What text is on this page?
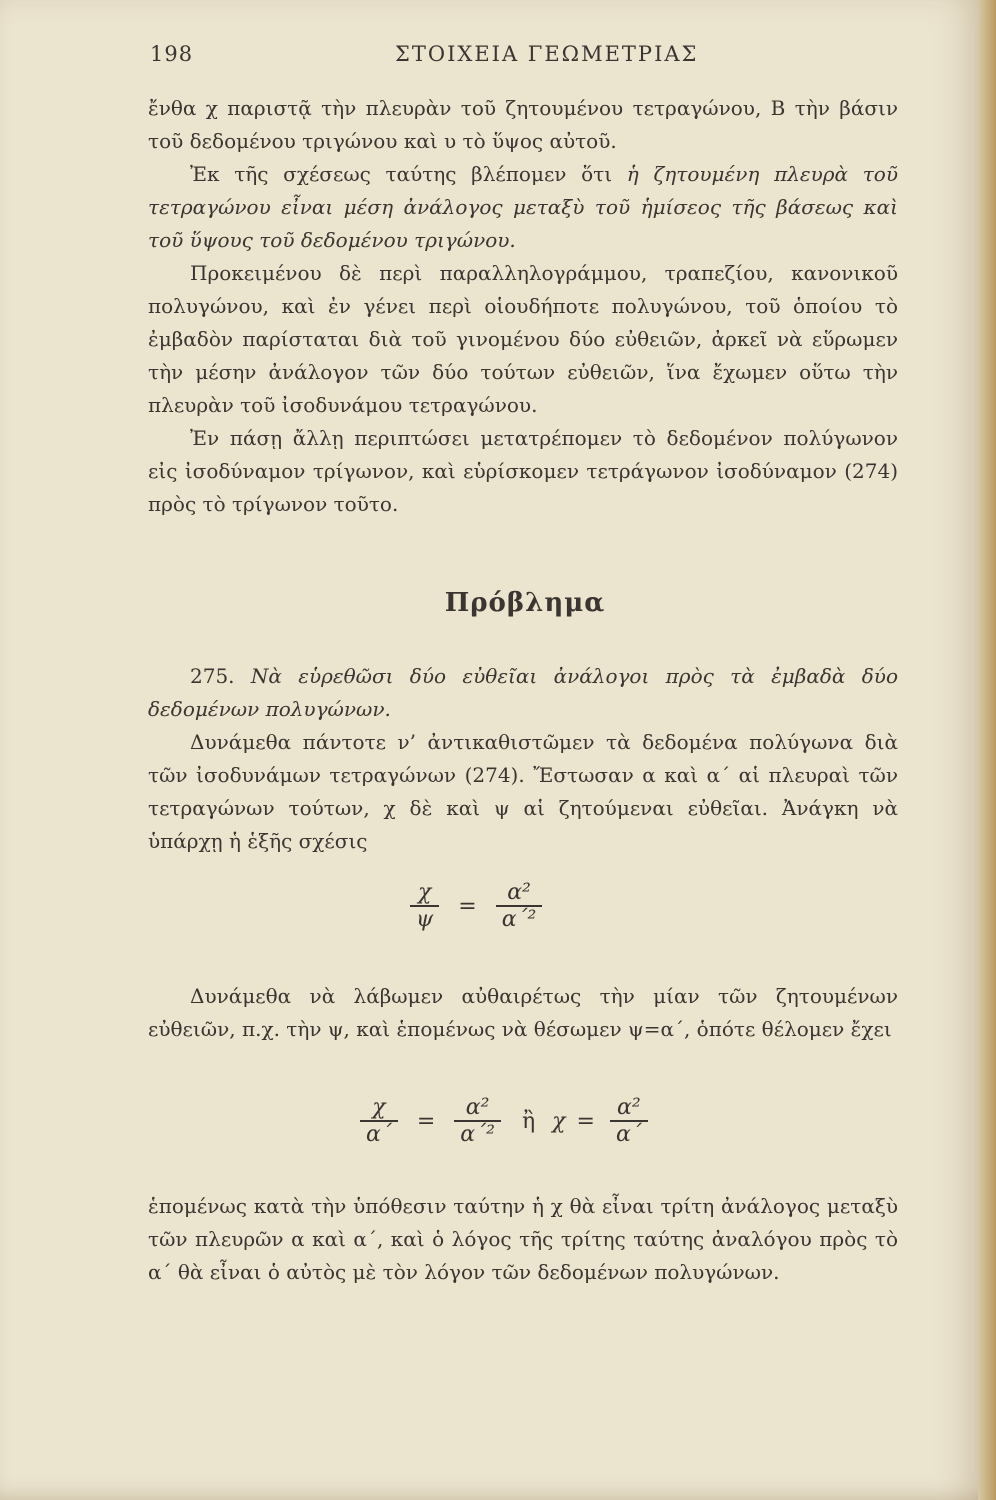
198	ΣΤΟΙΧΕΙΑ ΓΕΩΜΕΤΡΙΑΣ

ἔνθα χ παριστᾷ τὴν πλευρὰν τοῦ ζητουμένου τετραγώνου, Β τὴν βάσιν τοῦ δεδομένου τριγώνου καὶ υ τὸ ὕψος αὐτοῦ.

Ἐκ τῆς σχέσεως ταύτης βλέπομεν ὅτι ἡ ζητουμένη πλευρὰ τοῦ τετραγώνου εἶναι μέση ἀνάλογος μεταξὺ τοῦ ἡμίσεος τῆς βάσεως καὶ τοῦ ὕψους τοῦ δεδομένου τριγώνου.

Προκειμένου δὲ περὶ παραλληλογράμμου, τραπεζίου, κανονικοῦ πολυγώνου, καὶ ἐν γένει περὶ οἱουδήποτε πολυγώνου, τοῦ ὁποίου τὸ ἐμβαδὸν παρίσταται διὰ τοῦ γινομένου δύο εὐθειῶν, ἀρκεῖ νὰ εὕρωμεν τὴν μέσην ἀνάλογον τῶν δύο τούτων εὐθειῶν, ἵνα ἔχωμεν οὕτω τὴν πλευρὰν τοῦ ἰσοδυνάμου τετραγώνου.

Ἐν πάσῃ ἄλλῃ περιπτώσει μετατρέπομεν τὸ δεδομένον πολύγωνον εἰς ἰσοδύναμον τρίγωνον, καὶ εὑρίσκομεν τετράγωνον ἰσοδύναμον (274) πρὸς τὸ τρίγωνον τοῦτο.

Πρόβλημα

275. Νὰ εὑρεθῶσι δύο εὐθεῖαι ἀνάλογοι πρὸς τὰ ἐμβαδὰ δύο δεδομένων πολυγώνων.

Δυνάμεθα πάντοτε ν’ ἀντικαθιστῶμεν τὰ δεδομένα πολύγωνα διὰ τῶν ἰσοδυνάμων τετραγώνων (274). Ἔστωσαν α καὶ α΄ αἱ πλευραὶ τῶν τετραγώνων τούτων, χ δὲ καὶ ψ αἱ ζητούμεναι εὐθεῖαι. Ἀνάγκη νὰ ὑπάρχῃ ἡ ἑξῆς σχέσις

$\frac{\chi}{\psi} = \frac{\text{α²}}{\text{α΄²}}$

Δυνάμεθα νὰ λάβωμεν αὐθαιρέτως τὴν μίαν τῶν ζητουμένων εὐθειῶν, π.χ. τὴν ψ, καὶ ἑπομένως νὰ θέσωμεν ψ=α΄, ὁπότε θέλομεν ἔχει

$\frac{\chi}{\alpha΄} = \frac{\text{α²}}{\text{α΄²}}$ ἢ $\chi = \frac{\text{α²}}{\alpha΄}$

ἑπομένως κατὰ τὴν ὑπόθεσιν ταύτην ἡ χ θὰ εἶναι τρίτη ἀνάλογος μεταξὺ τῶν πλευρῶν α καὶ α΄, καὶ ὁ λόγος τῆς τρίτης ταύτης ἀναλόγου πρὸς τὸ α΄ θὰ εἶναι ὁ αὐτὸς μὲ τὸν λόγον τῶν δεδομένων πολυγώνων.
